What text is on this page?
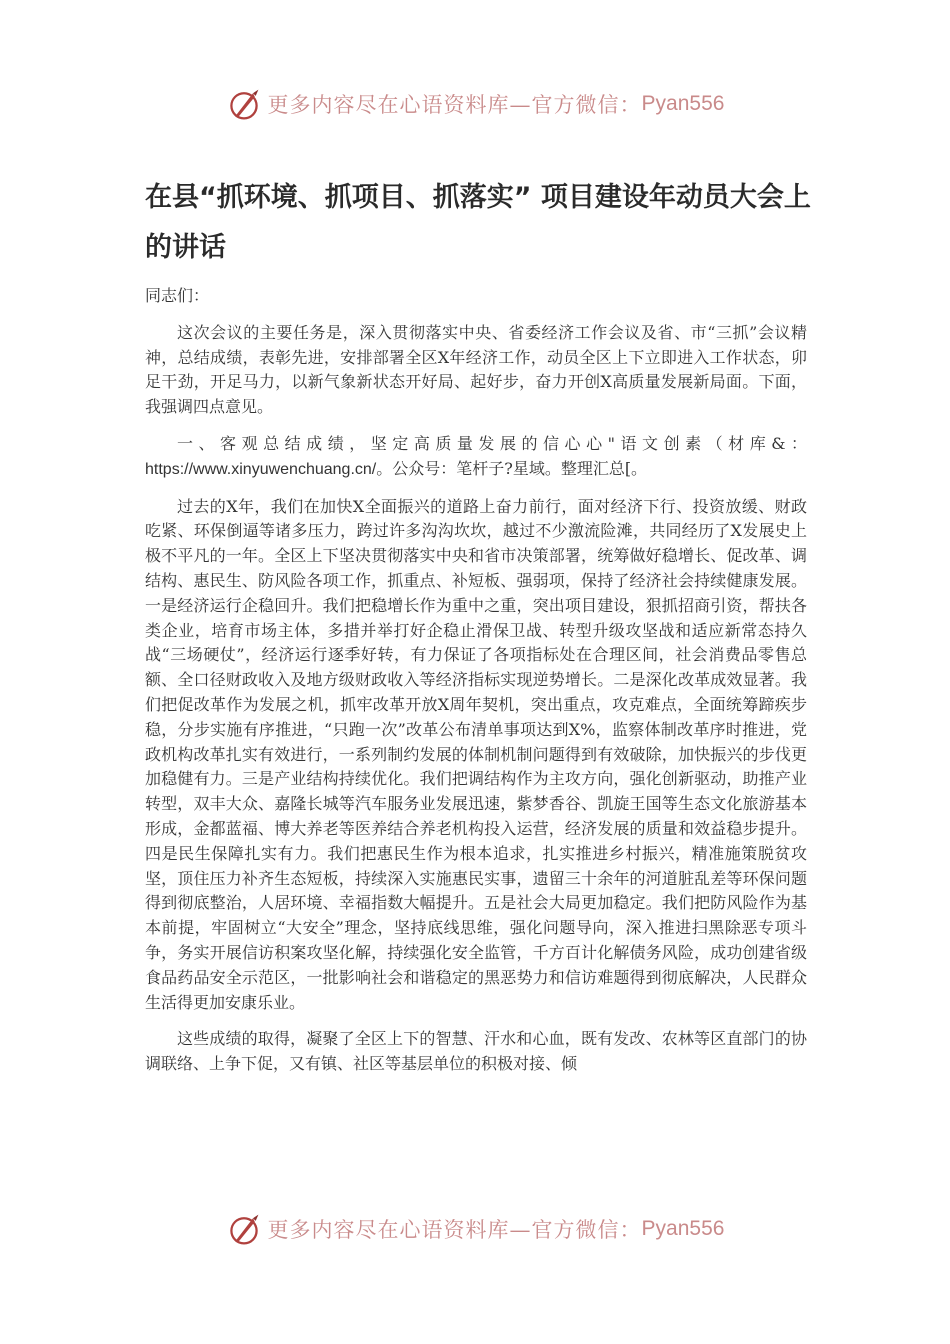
更多内容尽在心语资料库—官方微信： Pyan556
在县“抓环境、抓项目、抓落实” 项目建设年动员大会上的讲话

同志们：

这次会议的主要任务是，深入贯彻落实中央、省委经济工作会议及省、市“三抓”会议精神，总结成绩，表彰先进，安排部署全区X年经济工作，动员全区上下立即进入工作状态，卯足干劲，开足马力，以新气象新状态开好局、起好步，奋力开创X高质量发展新局面。下面，我强调四点意见。

一、客观总结成绩，坚定高质量发展的信心心"语文创素（材库&：https://www.xinyuwenchuang.cn/。公众号：笔杆子?星域。整理汇总[。

过去的X年，我们在加快X全面振兴的道路上奋力前行，面对经济下行、投资放缓、财政吃紧、环保倒逼等诸多压力，跨过许多沟沟坎坎，越过不少激流险滩，共同经历了X发展史上极不平凡的一年。全区上下坚决贯彻落实中央和省市决策部署，统筹做好稳增长、促改革、调结构、惠民生、防风险各项工作，抓重点、补短板、强弱项，保持了经济社会持续健康发展。一是经济运行企稳回升。我们把稳增长作为重中之重，突出项目建设，狠抓招商引资，帮扶各类企业，培育市场主体，多措并举打好企稳止滑保卫战、转型升级攻坚战和适应新常态持久战“三场硬仗”，经济运行逐季好转，有力保证了各项指标处在合理区间，社会消费品零售总额、全口径财政收入及地方级财政收入等经济指标实现逆势增长。二是深化改革成效显著。我们把促改革作为发展之机，抓牢改革开放X周年契机，突出重点，攻克难点，全面统筹蹄疾步稳，分步实施有序推进，“只跑一次”改革公布清单事项达到X%，监察体制改革序时推进，党政机构改革扎实有效进行，一系列制约发展的体制机制问题得到有效破除，加快振兴的步伐更加稳健有力。三是产业结构持续优化。我们把调结构作为主攻方向，强化创新驱动，助推产业转型，双丰大众、嘉隆长城等汽车服务业发展迅速，紫梦香谷、凯旋王国等生态文化旅游基本形成，金都蓝福、博大养老等医养结合养老机构投入运营，经济发展的质量和效益稳步提升。四是民生保障扎实有力。我们把惠民生作为根本追求，扎实推进乡村振兴，精准施策脱贫攻坚，顶住压力补齐生态短板，持续深入实施惠民实事，遗留三十余年的河道脏乱差等环保问题得到彻底整治，人居环境、幸福指数大幅提升。五是社会大局更加稳定。我们把防风险作为基本前提，牢固树立“大安全”理念，坚持底线思维，强化问题导向，深入推进扫黑除恶专项斗争，务实开展信访积案攻坚化解，持续强化安全监管，千方百计化解债务风险，成功创建省级食品药品安全示范区，一批影响社会和谐稳定的黑恶势力和信访难题得到彻底解决，人民群众生活得更加安康乐业。

这些成绩的取得，凝聚了全区上下的智慧、汗水和心血，既有发改、农林等区直部门的协调联络、上争下促，又有镇、社区等基层单位的积极对接、倾

更多内容尽在心语资料库—官方微信： Pyan556
